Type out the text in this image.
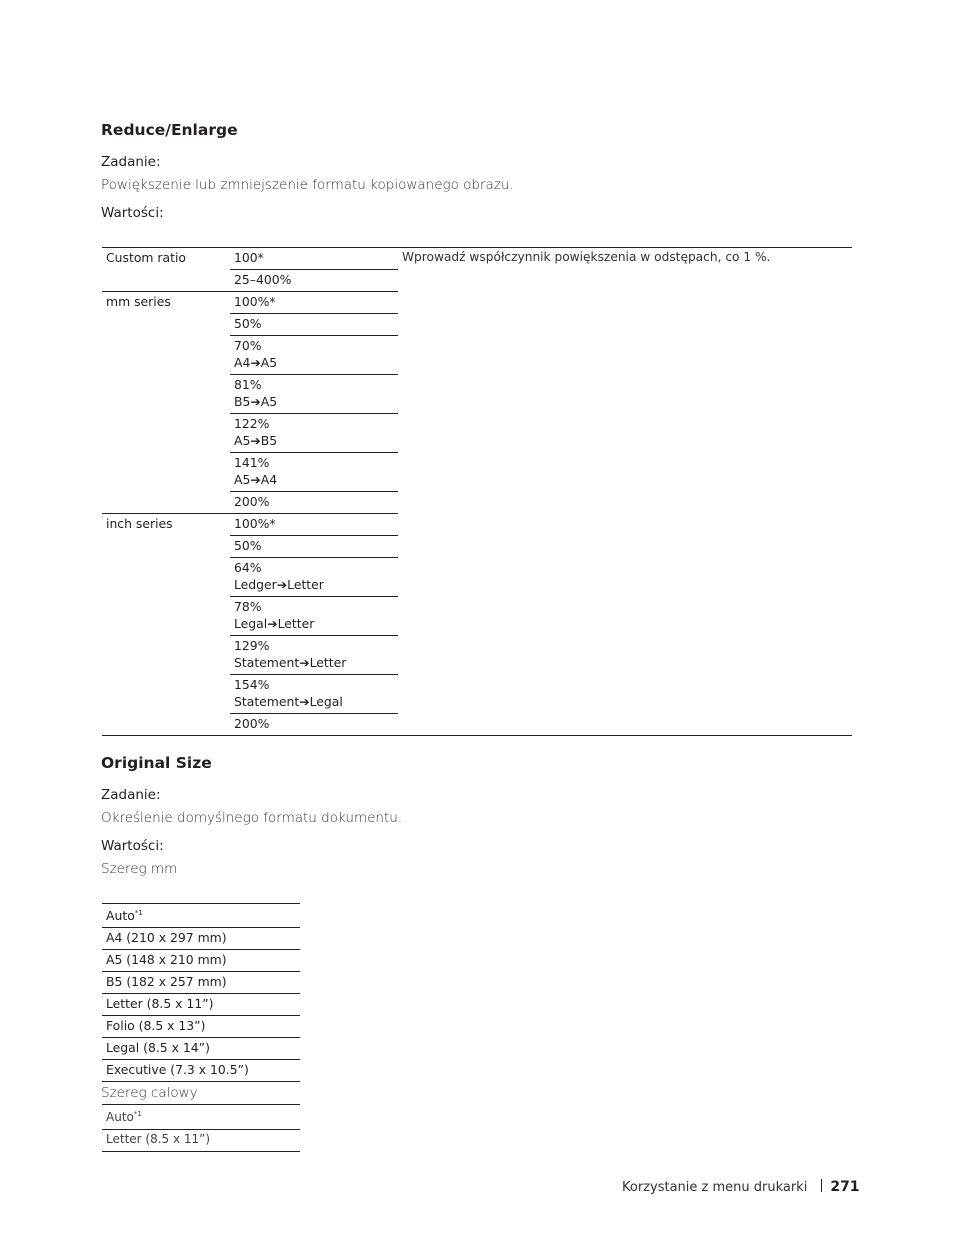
Reduce/Enlarge
Zadanie:
Powiększenie lub zmniejszenie formatu kopiowanego obrazu.
Wartości:
Custom ratio	100*	Wprowadź współczynnik powiększenia w odstępach, co 1 %.

	25–400%	

mm series	100%*	

	50%	

	70%
A4➔A5	

	81%
B5➔A5	

	122%
A5➔B5	

	141%
A5➔A4	

	200%	

inch series	100%*	

	50%	

	64%
Ledger➔Letter	

	78%
Legal➔Letter	

	129%
Statement➔Letter	

	154%
Statement➔Legal	

	200%	
Original Size
Zadanie:
Określenie domyślnego formatu dokumentu.
Wartości:
Szereg mm
Auto$^{*1}$
A4 (210 x 297 mm)
A5 (148 x 210 mm)
B5 (182 x 257 mm)
Letter (8.5 x 11”)
Folio (8.5 x 13”)
Legal (8.5 x 14”)
Executive (7.3 x 10.5”)
Szereg calowy
Auto$^{*1}$
Letter (8.5 x 11”)
Korzystanie z menu drukarki 271
